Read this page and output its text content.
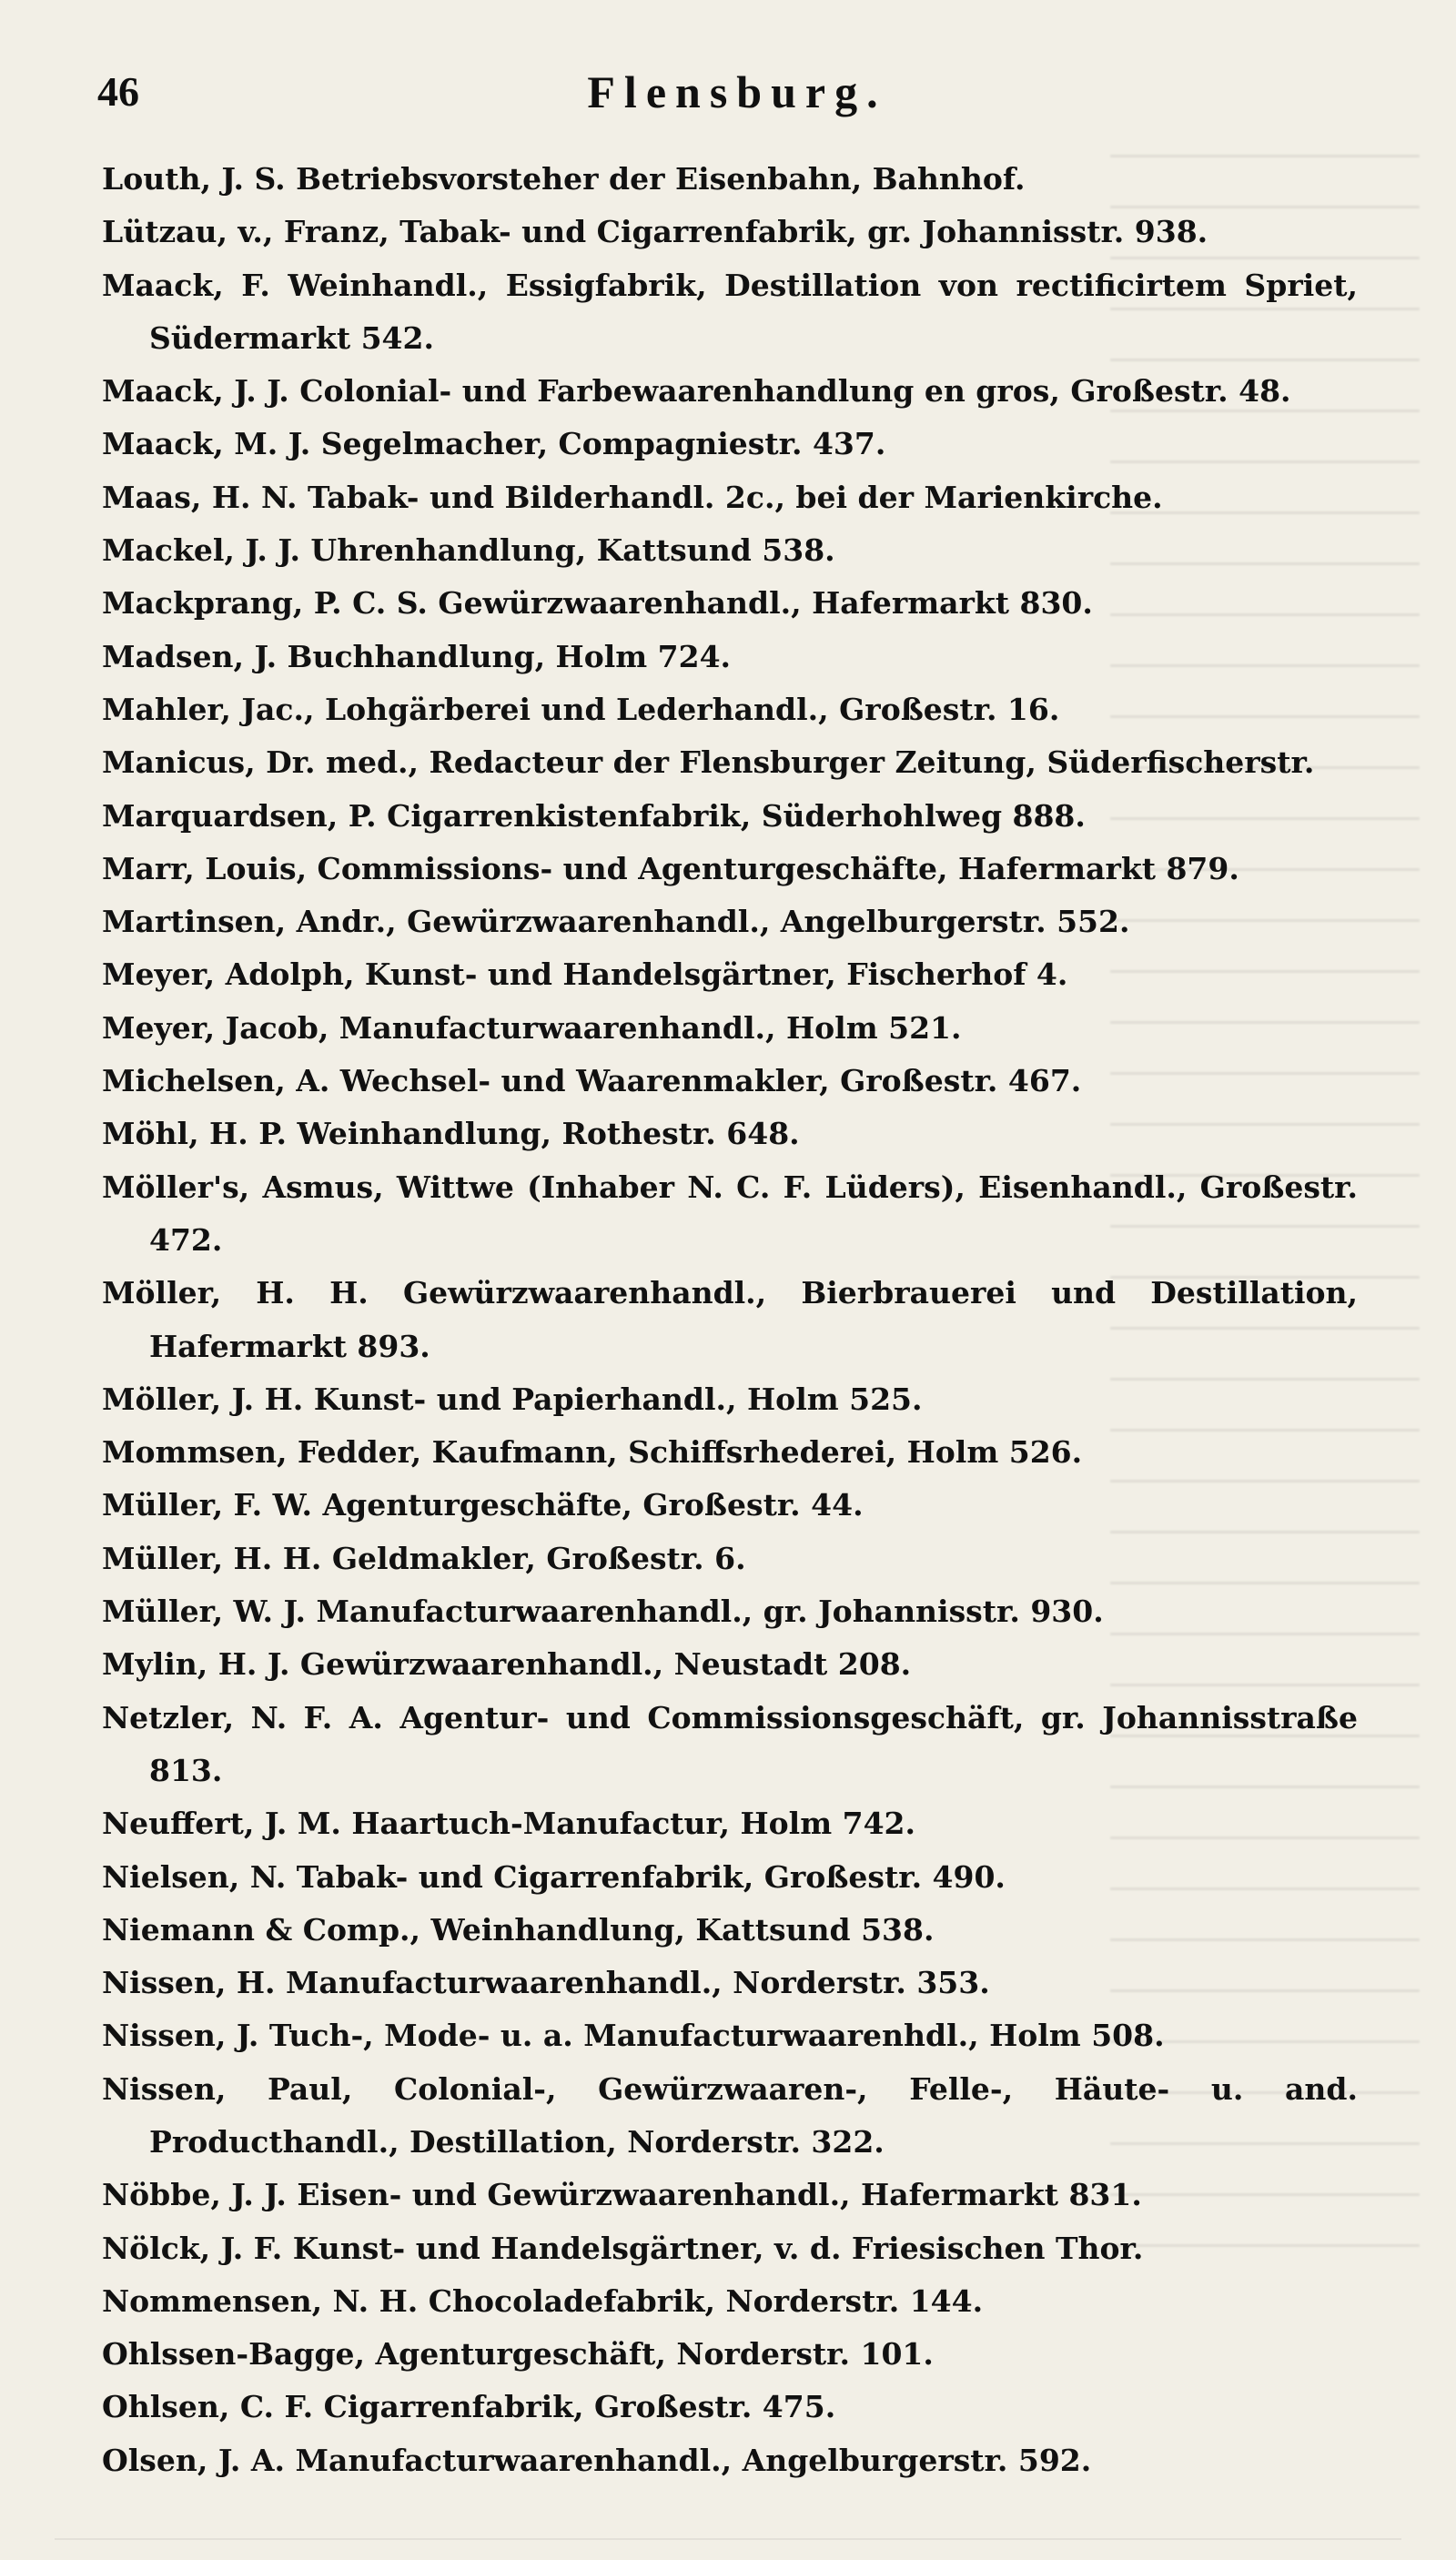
46	Flensburg.
Louth, J. S. Betriebsvorsteher der Eisenbahn, Bahnhof.
Lützau, v., Franz, Tabak- und Cigarrenfabrik, gr. Johannisstr. 938.
Maack, F. Weinhandl., Essigfabrik, Destillation von rectificirtem Spriet, Südermarkt 542.
Maack, J. J. Colonial- und Farbewaarenhandlung en gros, Großestr. 48.
Maack, M. J. Segelmacher, Compagniestr. 437.
Maas, H. N. Tabak- und Bilderhandl. 2c., bei der Marienkirche.
Mackel, J. J. Uhrenhandlung, Kattsund 538.
Mackprang, P. C. S. Gewürzwaarenhandl., Hafermarkt 830.
Madsen, J. Buchhandlung, Holm 724.
Mahler, Jac., Lohgärberei und Lederhandl., Großestr. 16.
Manicus, Dr. med., Redacteur der Flensburger Zeitung, Süderfischerstr.
Marquardsen, P. Cigarrenkistenfabrik, Süderhohlweg 888.
Marr, Louis, Commissions- und Agenturgeschäfte, Hafermarkt 879.
Martinsen, Andr., Gewürzwaarenhandl., Angelburgerstr. 552.
Meyer, Adolph, Kunst- und Handelsgärtner, Fischerhof 4.
Meyer, Jacob, Manufacturwaarenhandl., Holm 521.
Michelsen, A. Wechsel- und Waarenmakler, Großestr. 467.
Möhl, H. P. Weinhandlung, Rothestr. 648.
Möller's, Asmus, Wittwe (Inhaber N. C. F. Lüders), Eisenhandl., Großestr. 472.
Möller, H. H. Gewürzwaarenhandl., Bierbrauerei und Destillation, Hafermarkt 893.
Möller, J. H. Kunst- und Papierhandl., Holm 525.
Mommsen, Fedder, Kaufmann, Schiffsrhederei, Holm 526.
Müller, F. W. Agenturgeschäfte, Großestr. 44.
Müller, H. H. Geldmakler, Großestr. 6.
Müller, W. J. Manufacturwaarenhandl., gr. Johannisstr. 930.
Mylin, H. J. Gewürzwaarenhandl., Neustadt 208.
Netzler, N. F. A. Agentur- und Commissionsgeschäft, gr. Johannisstraße 813.
Neuffert, J. M. Haartuch-Manufactur, Holm 742.
Nielsen, N. Tabak- und Cigarrenfabrik, Großestr. 490.
Niemann & Comp., Weinhandlung, Kattsund 538.
Nissen, H. Manufacturwaarenhandl., Norderstr. 353.
Nissen, J. Tuch-, Mode- u. a. Manufacturwaarenhdl., Holm 508.
Nissen, Paul, Colonial-, Gewürzwaaren-, Felle-, Häute- u. and. Producthandl., Destillation, Norderstr. 322.
Nöbbe, J. J. Eisen- und Gewürzwaarenhandl., Hafermarkt 831.
Nölck, J. F. Kunst- und Handelsgärtner, v. d. Friesischen Thor.
Nommensen, N. H. Chocoladefabrik, Norderstr. 144.
Ohlssen-Bagge, Agenturgeschäft, Norderstr. 101.
Ohlsen, C. F. Cigarrenfabrik, Großestr. 475.
Olsen, J. A. Manufacturwaarenhandl., Angelburgerstr. 592.
